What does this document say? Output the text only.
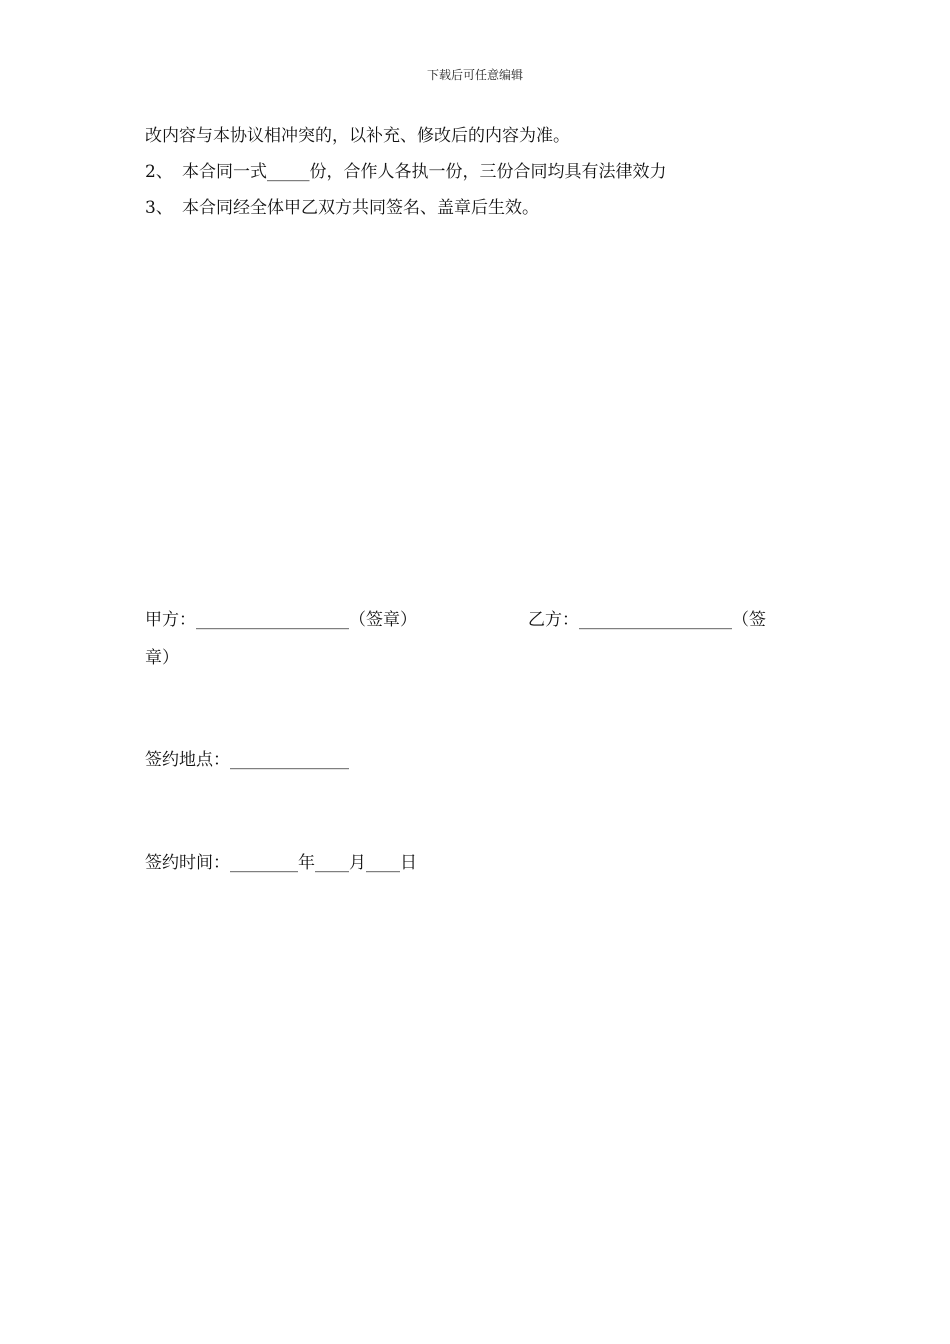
下载后可任意编辑
改内容与本协议相冲突的，以补充、修改后的内容为准。
2、 本合同一式_____份，合作人各执一份，三份合同均具有法律效力
3、 本合同经全体甲乙双方共同签名、盖章后生效。
甲方：__________________（签章）	乙方：__________________（签
章）
签约地点：______________
签约时间：________年____月____日
